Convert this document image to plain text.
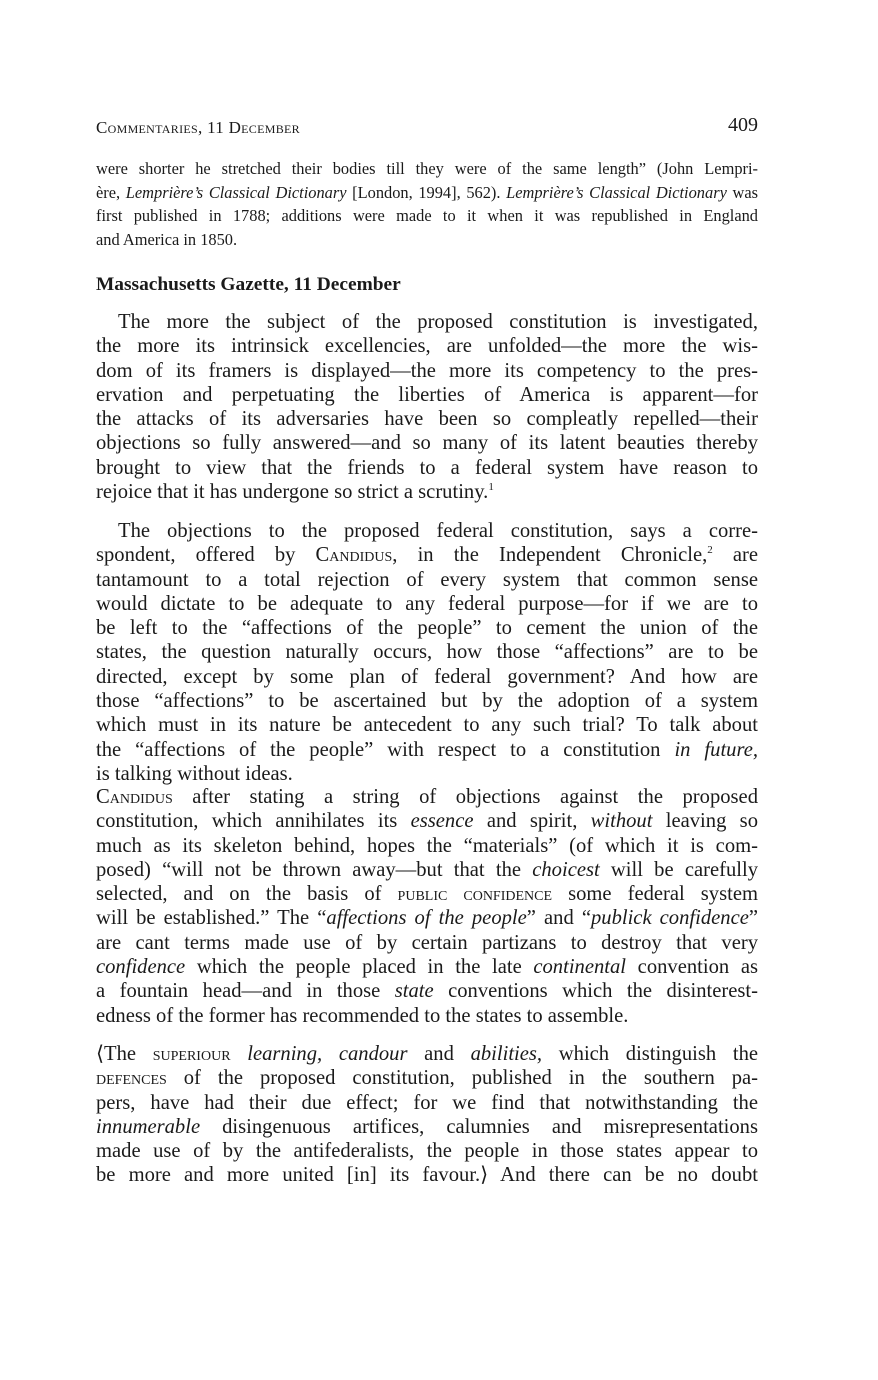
Commentaries, 11 December	409
were shorter he stretched their bodies till they were of the same length” (John Lempri-
ère, Lemprière’s Classical Dictionary [London, 1994], 562). Lemprière’s Classical Dictionary was
first published in 1788; additions were made to it when it was republished in England
and America in 1850.
Massachusetts Gazette, 11 December
The more the subject of the proposed constitution is investigated,
the more its intrinsick excellencies, are unfolded—the more the wis-
dom of its framers is displayed—the more its competency to the pres-
ervation and perpetuating the liberties of America is apparent—for
the attacks of its adversaries have been so compleatly repelled—their
objections so fully answered—and so many of its latent beauties thereby
brought to view that the friends to a federal system have reason to
rejoice that it has undergone so strict a scrutiny.$^1$
The objections to the proposed federal constitution, says a corre-
spondent, offered by Candidus, in the Independent Chronicle,$^2$ are
tantamount to a total rejection of every system that common sense
would dictate to be adequate to any federal purpose—for if we are to
be left to the “affections of the people” to cement the union of the
states, the question naturally occurs, how those “affections” are to be
directed, except by some plan of federal government? And how are
those “affections” to be ascertained but by the adoption of a system
which must in its nature be antecedent to any such trial? To talk about
the “affections of the people” with respect to a constitution in future,
is talking without ideas.
Candidus after stating a string of objections against the proposed
constitution, which annihilates its essence and spirit, without leaving so
much as its skeleton behind, hopes the “materials” (of which it is com-
posed) “will not be thrown away—but that the choicest will be carefully
selected, and on the basis of public confidence some federal system
will be established.” The “affections of the people” and “publick confidence”
are cant terms made use of by certain partizans to destroy that very
confidence which the people placed in the late continental convention as
a fountain head—and in those state conventions which the disinterest-
edness of the former has recommended to the states to assemble.
⟨The superiour learning, candour and abilities, which distinguish the
defences of the proposed constitution, published in the southern pa-
pers, have had their due effect; for we find that notwithstanding the
innumerable disingenuous artifices, calumnies and misrepresentations
made use of by the antifederalists, the people in those states appear to
be more and more united [in] its favour.⟩ And there can be no doubt
